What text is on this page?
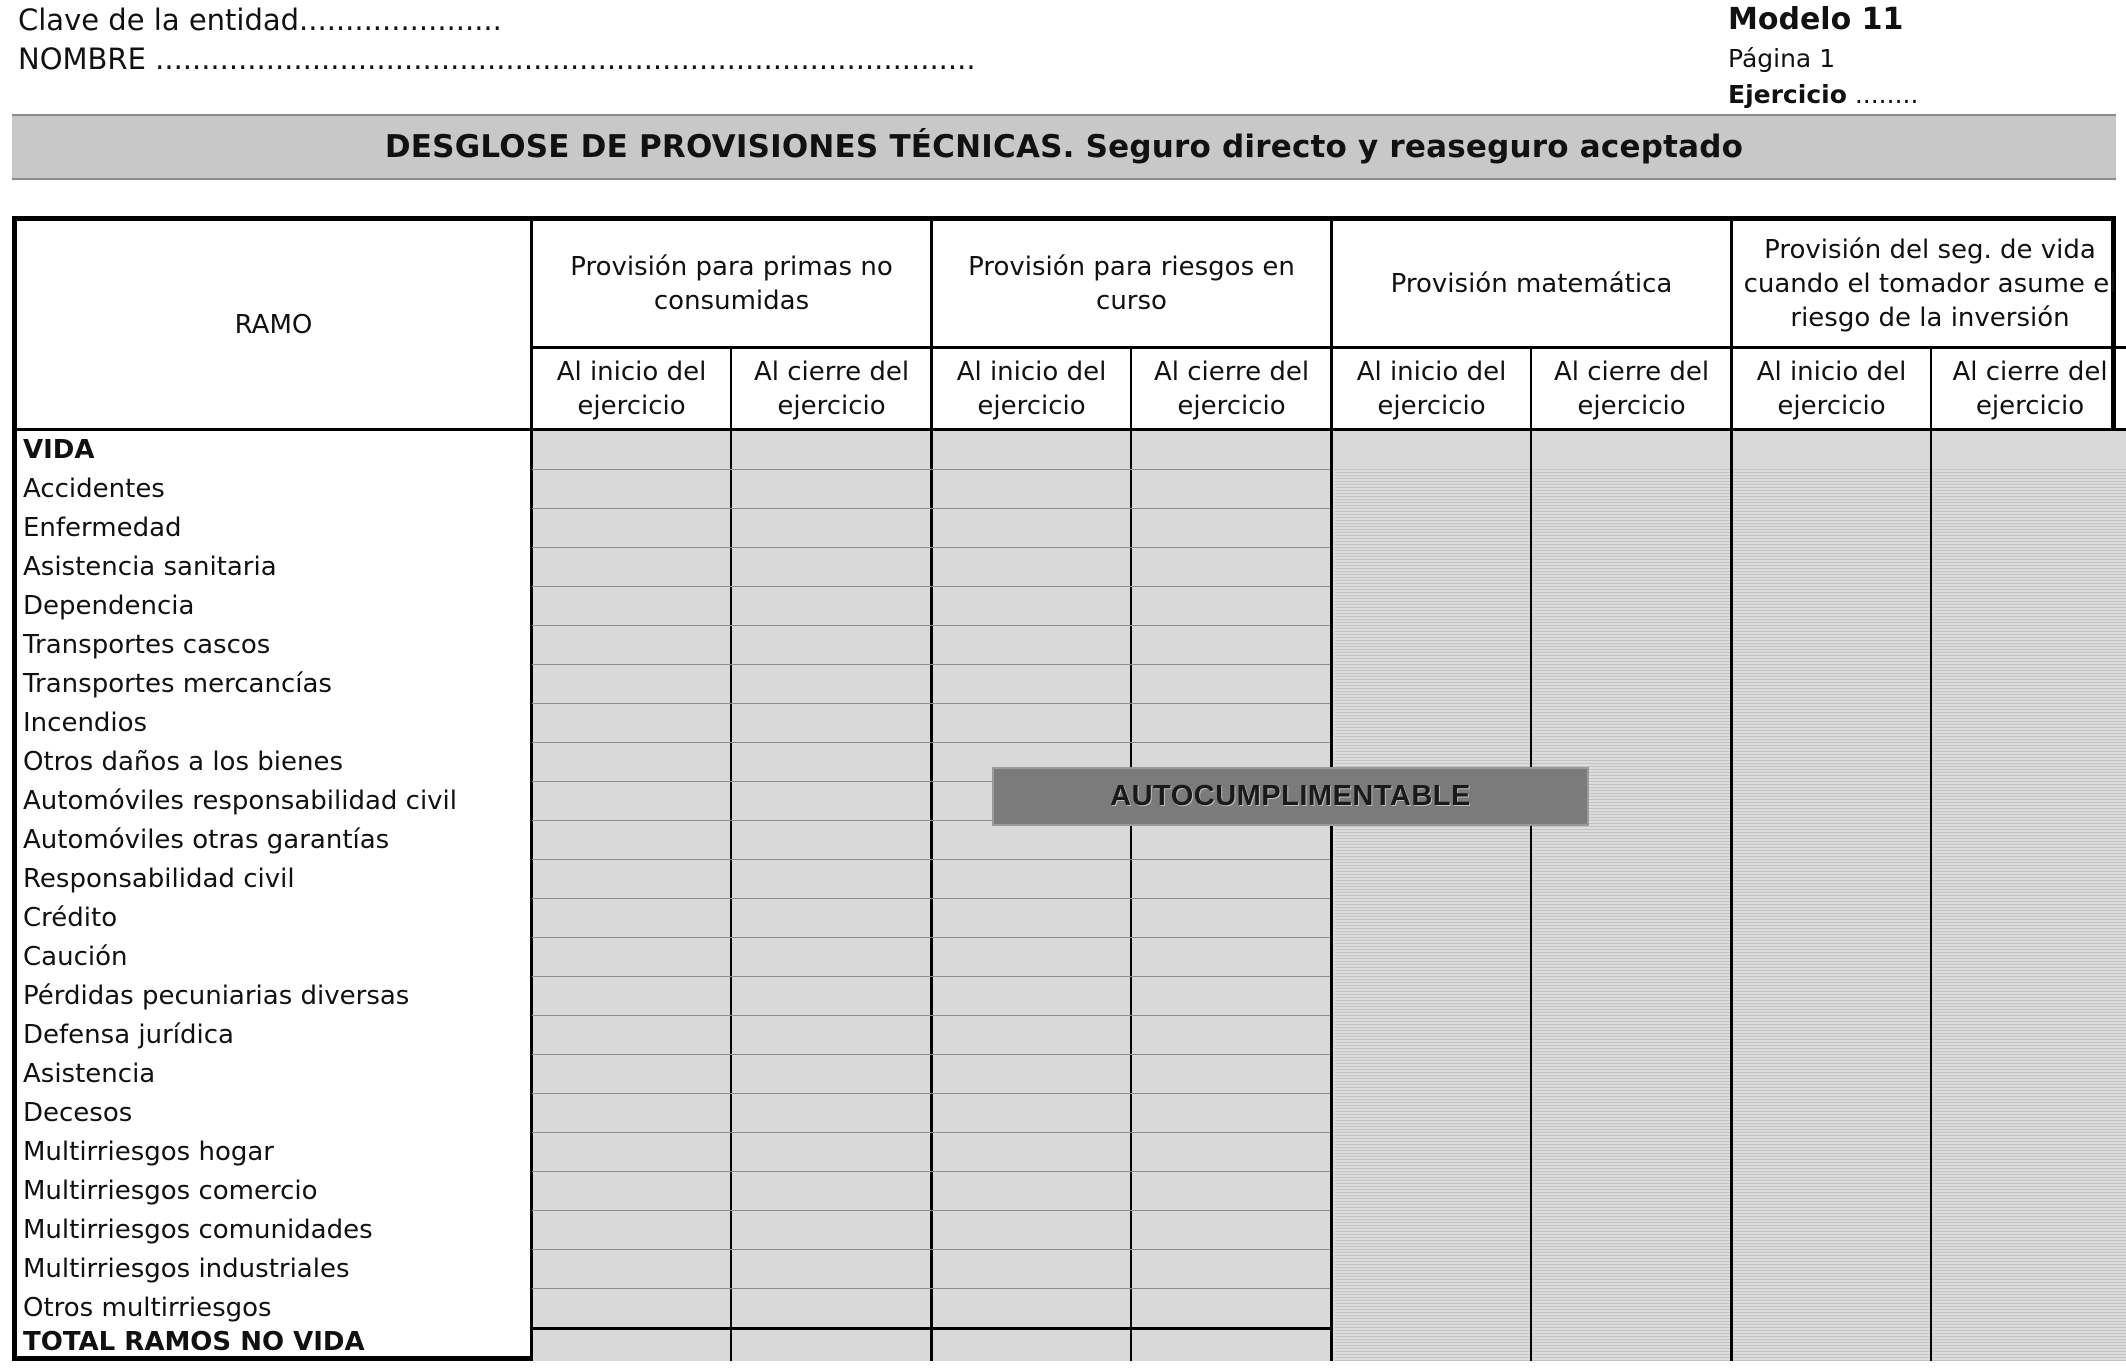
Clave de la entidad......................
NOMBRE .........................................................................................
Modelo 11
Página 1
Ejercicio ........
DESGLOSE DE PROVISIONES TÉCNICAS. Seguro directo y reaseguro aceptado
RAMO
Provisión para primas no consumidas
Provisión para riesgos en curso
Provisión matemática
Provisión del seg. de vida cuando el tomador asume el riesgo de la inversión
Al inicio del ejercicio
Al cierre del ejercicio
Al inicio del ejercicio
Al cierre del ejercicio
Al inicio del ejercicio
Al cierre del ejercicio
Al inicio del ejercicio
Al cierre del ejercicio
VIDA
Accidentes
Enfermedad
Asistencia sanitaria
Dependencia
Transportes cascos
Transportes mercancías
Incendios
Otros daños a los bienes
Automóviles responsabilidad civil
Automóviles otras garantías
Responsabilidad civil
Crédito
Caución
Pérdidas pecuniarias diversas
Defensa jurídica
Asistencia
Decesos
Multirriesgos hogar
Multirriesgos comercio
Multirriesgos comunidades
Multirriesgos industriales
Otros multirriesgos
TOTAL RAMOS NO VIDA
AUTOCUMPLIMENTABLE
